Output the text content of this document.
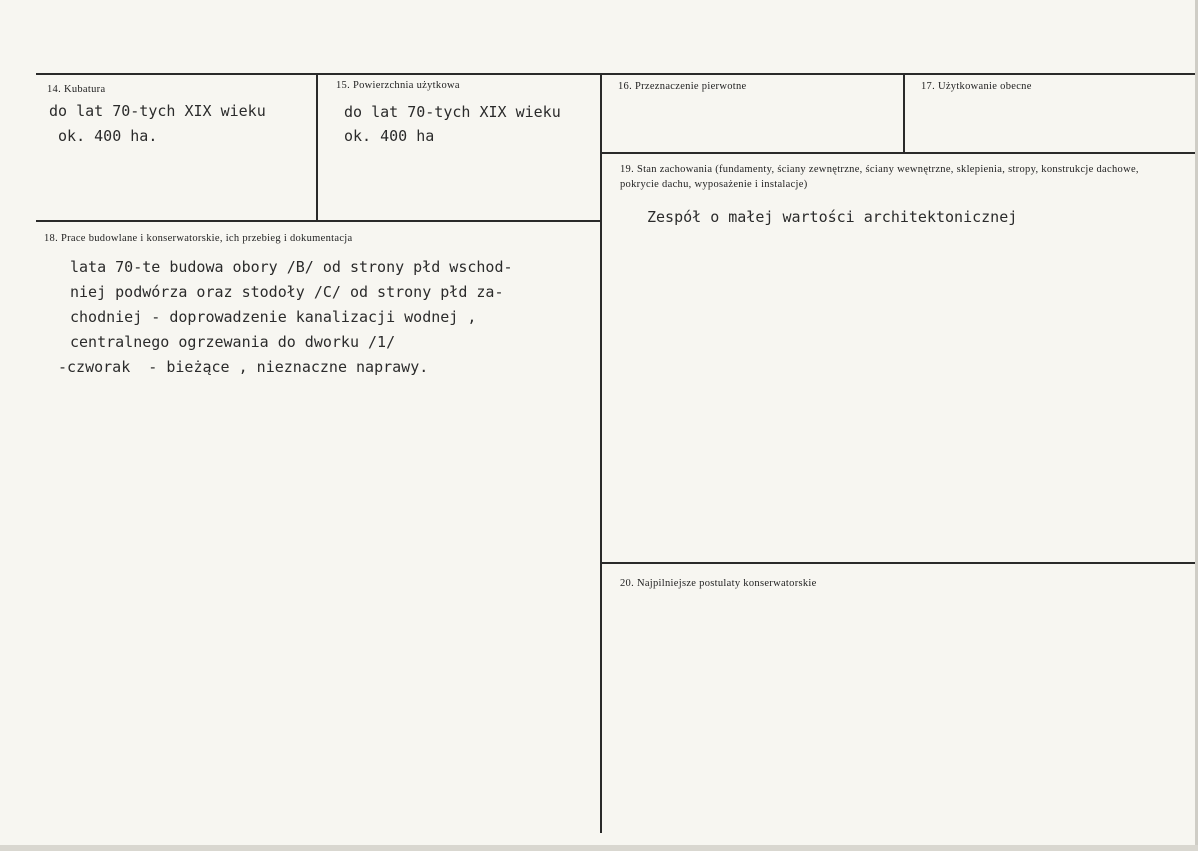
14. Kubatura
do lat 70-tych XIX wieku
ok. 400 ha.
15. Powierzchnia użytkowa
do lat 70-tych XIX wieku
ok. 400 ha
16. Przeznaczenie pierwotne	17. Użytkowanie obecne
19. Stan zachowania (fundamenty, ściany zewnętrzne, ściany wewnętrzne, sklepienia, stropy, konstrukcje dachowe, pokrycie dachu, wyposażenie i instalacje)
Zespół o małej wartości architektonicznej
18. Prace budowlane i konserwatorskie, ich przebieg i dokumentacja
lata 70-te budowa obory /B/ od strony płd wschod-
niej podwórza oraz stodoły /C/ od strony płd za-
chodniej - doprowadzenie kanalizacji wodnej ,
centralnego ogrzewania do dworku /1/
-czworak  - bieżące , nieznaczne naprawy.
20. Najpilniejsze postulaty konserwatorskie
